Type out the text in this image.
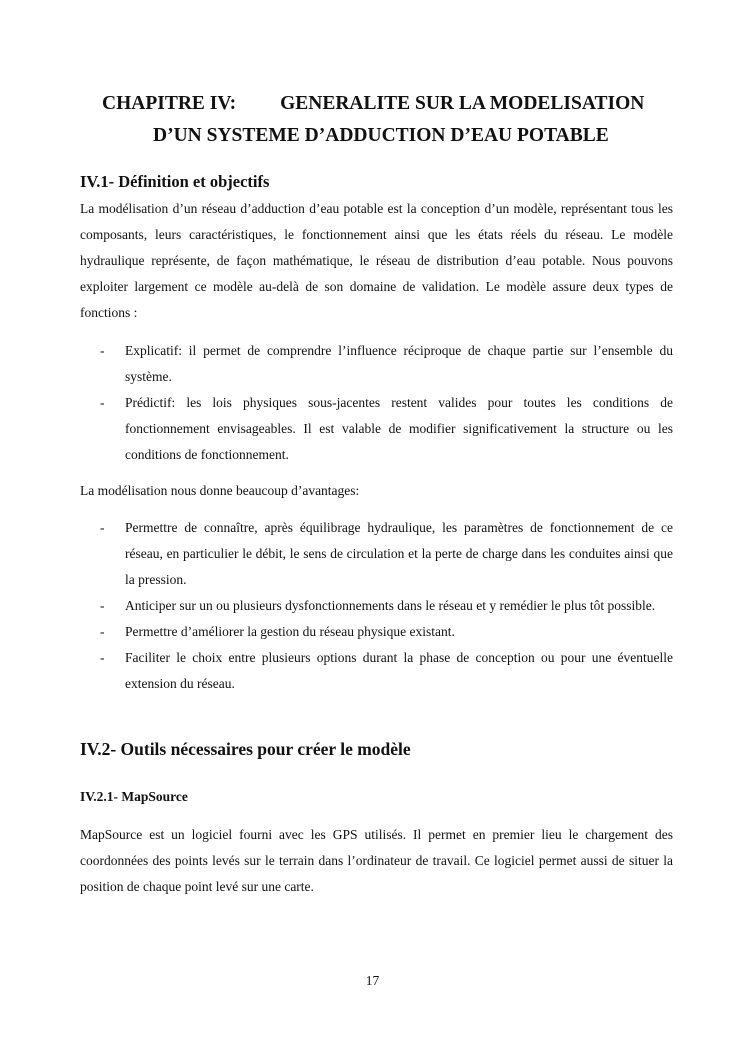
CHAPITRE IV: GENERALITE SUR LA MODELISATION
D’UN SYSTEME D’ADDUCTION D’EAU POTABLE
IV.1- Définition et objectifs

La modélisation d’un réseau d’adduction d’eau potable est la conception d’un modèle, représentant tous les composants, leurs caractéristiques, le fonctionnement ainsi que les états réels du réseau. Le modèle hydraulique représente, de façon mathématique, le réseau de distribution d’eau potable. Nous pouvons exploiter largement ce modèle au-delà de son domaine de validation. Le modèle assure deux types de fonctions :

- Explicatif: il permet de comprendre l’influence réciproque de chaque partie sur l’ensemble du système.
- Prédictif: les lois physiques sous-jacentes restent valides pour toutes les conditions de fonctionnement envisageables. Il est valable de modifier significativement la structure ou les conditions de fonctionnement.

La modélisation nous donne beaucoup d’avantages:

- Permettre de connaître, après équilibrage hydraulique, les paramètres de fonctionnement de ce réseau, en particulier le débit, le sens de circulation et la perte de charge dans les conduites ainsi que la pression.
- Anticiper sur un ou plusieurs dysfonctionnements dans le réseau et y remédier le plus tôt possible.
- Permettre d’améliorer la gestion du réseau physique existant.
- Faciliter le choix entre plusieurs options durant la phase de conception ou pour une éventuelle extension du réseau.
IV.2- Outils nécessaires pour créer le modèle
IV.2.1- MapSource

MapSource est un logiciel fourni avec les GPS utilisés. Il permet en premier lieu le chargement des coordonnées des points levés sur le terrain dans l’ordinateur de travail. Ce logiciel permet aussi de situer la position de chaque point levé sur une carte.

17
